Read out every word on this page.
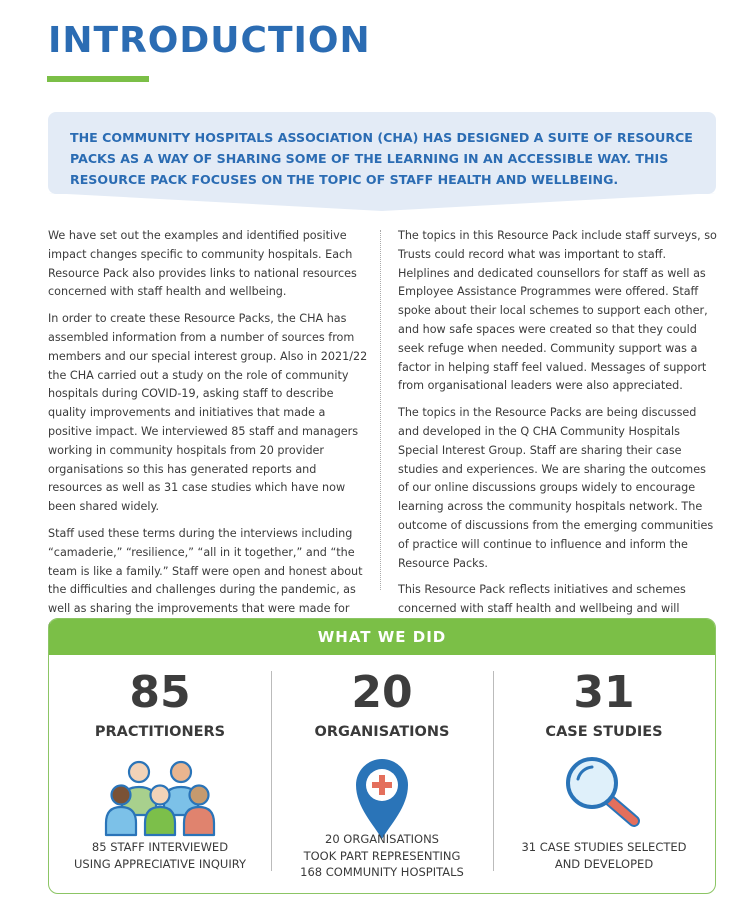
INTRODUCTION

THE COMMUNITY HOSPITALS ASSOCIATION (CHA) HAS DESIGNED A SUITE OF RESOURCE PACKS AS A WAY OF SHARING SOME OF THE LEARNING IN AN ACCESSIBLE WAY. THIS RESOURCE PACK FOCUSES ON THE TOPIC OF STAFF HEALTH AND WELLBEING.

We have set out the examples and identified positive impact changes specific to community hospitals. Each Resource Pack also provides links to national resources concerned with staff health and wellbeing.

In order to create these Resource Packs, the CHA has assembled information from a number of sources from members and our special interest group. Also in 2021/22 the CHA carried out a study on the role of community hospitals during COVID-19, asking staff to describe quality improvements and initiatives that made a positive impact. We interviewed 85 staff and managers working in community hospitals from 20 provider organisations so this has generated reports and resources as well as 31 case studies which have now been shared widely.

Staff used these terms during the interviews including “camaderie,” “resilience,” “all in it together,” and “the team is like a family.” Staff were open and honest about the difficulties and challenges during the pandemic, as well as sharing the improvements that were made for

The topics in this Resource Pack include staff surveys, so Trusts could record what was important to staff. Helplines and dedicated counsellors for staff as well as Employee Assistance Programmes were offered. Staff spoke about their local schemes to support each other, and how safe spaces were created so that they could seek refuge when needed. Community support was a factor in helping staff feel valued. Messages of support from organisational leaders were also appreciated.

The topics in the Resource Packs are being discussed and developed in the Q CHA Community Hospitals Special Interest Group. Staff are sharing their case studies and experiences. We are sharing the outcomes of our online discussions groups widely to encourage learning across the community hospitals network. The outcome of discussions from the emerging communities of practice will continue to influence and inform the Resource Packs.

This Resource Pack reflects initiatives and schemes concerned with staff health and wellbeing and will

WHAT WE DID
85
PRACTITIONERS
20
ORGANISATIONS
31
CASE STUDIES
85 STAFF INTERVIEWED
USING APPRECIATIVE INQUIRY
20 ORGANISATIONS
TOOK PART REPRESENTING
168 COMMUNITY HOSPITALS
31 CASE STUDIES SELECTED
AND DEVELOPED
